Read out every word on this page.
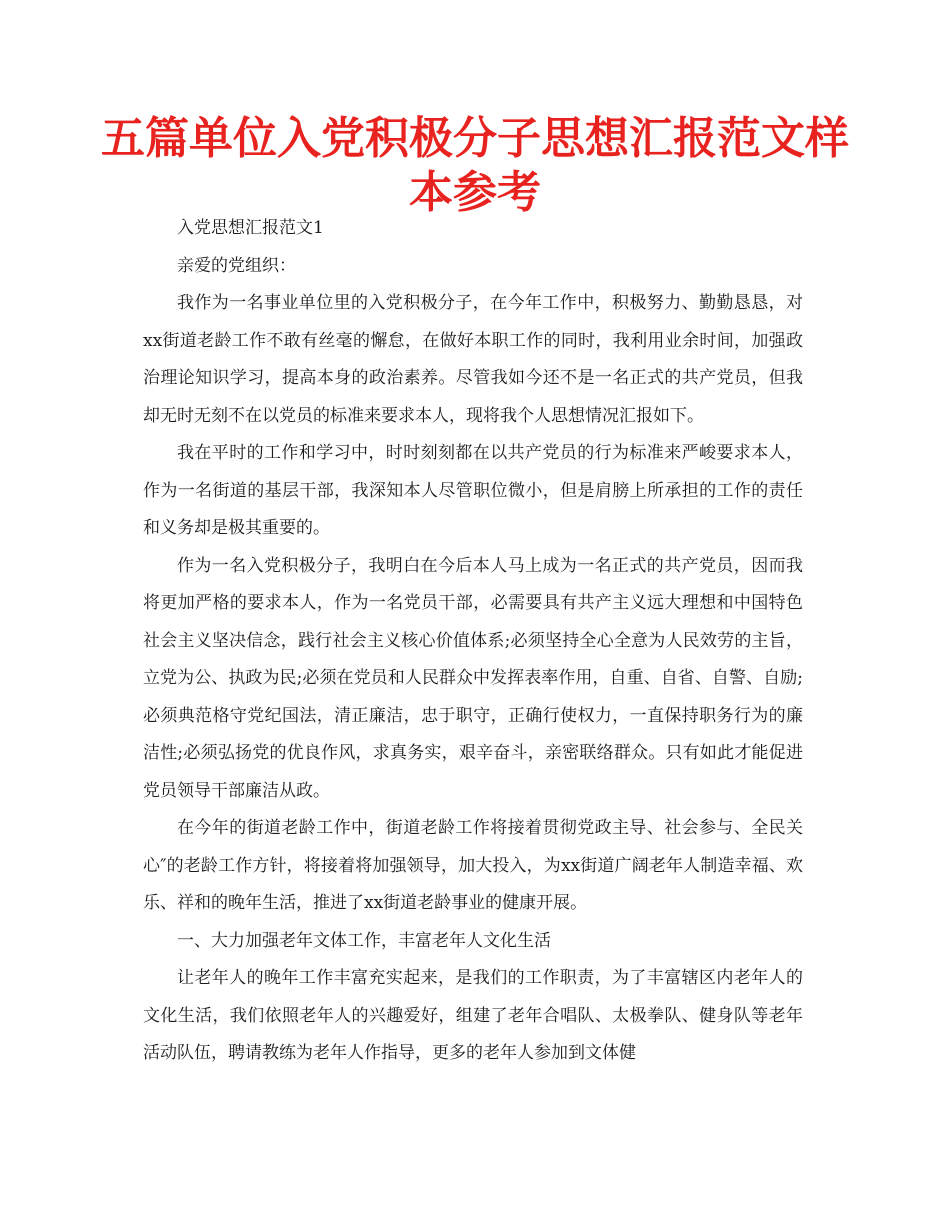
五篇单位入党积极分子思想汇报范文样本参考

入党思想汇报范文1

亲爱的党组织：

我作为一名事业单位里的入党积极分子，在今年工作中，积极努力、勤勤恳恳，对xx街道老龄工作不敢有丝毫的懈怠，在做好本职工作的同时，我利用业余时间，加强政治理论知识学习，提高本身的政治素养。尽管我如今还不是一名正式的共产党员，但我却无时无刻不在以党员的标准来要求本人，现将我个人思想情况汇报如下。

我在平时的工作和学习中，时时刻刻都在以共产党员的行为标准来严峻要求本人，作为一名街道的基层干部，我深知本人尽管职位微小，但是肩膀上所承担的工作的责任和义务却是极其重要的。

作为一名入党积极分子，我明白在今后本人马上成为一名正式的共产党员，因而我将更加严格的要求本人，作为一名党员干部，必需要具有共产主义远大理想和中国特色社会主义坚决信念，践行社会主义核心价值体系;必须坚持全心全意为人民效劳的主旨，立党为公、执政为民;必须在党员和人民群众中发挥表率作用，自重、自省、自警、自励;必须典范格守党纪国法，清正廉洁，忠于职守，正确行使权力，一直保持职务行为的廉洁性;必须弘扬党的优良作风，求真务实，艰辛奋斗，亲密联络群众。只有如此才能促进党员领导干部廉洁从政。

在今年的街道老龄工作中，街道老龄工作将接着贯彻党政主导、社会参与、全民关心″的老龄工作方针，将接着将加强领导，加大投入，为xx街道广阔老年人制造幸福、欢乐、祥和的晚年生活，推进了xx街道老龄事业的健康开展。

一、大力加强老年文体工作，丰富老年人文化生活

让老年人的晚年工作丰富充实起来，是我们的工作职责，为了丰富辖区内老年人的文化生活，我们依照老年人的兴趣爱好，组建了老年合唱队、太极拳队、健身队等老年活动队伍，聘请教练为老年人作指导，更多的老年人参加到文体健
